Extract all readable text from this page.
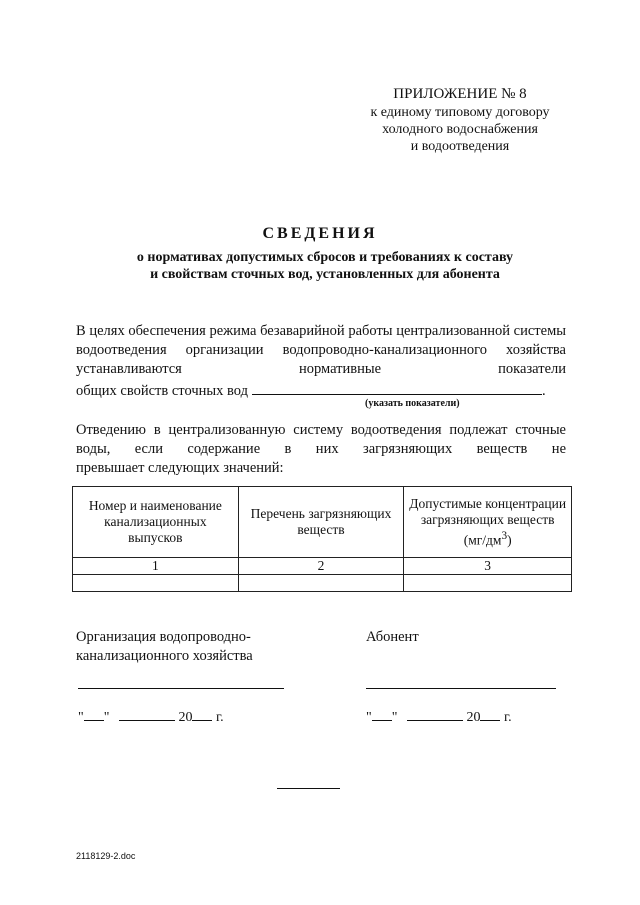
ПРИЛОЖЕНИЕ № 8
к единому типовому договору
холодного водоснабжения
и водоотведения
СВЕДЕНИЯ
о нормативах допустимых сбросов и требованиях к составу
и свойствам сточных вод, установленных для абонента
В целях обеспечения режима безаварийной работы централизованной системы водоотведения организации водопроводно-канализационного хозяйства устанавливаются нормативные показатели
общих свойств сточных вод	.
(указать показатели)
Отведению в централизованную систему водоотведения подлежат сточные воды, если содержание в них загрязняющих веществ не
превышает следующих значений:
Номер и наименование канализационных выпусков	Перечень загрязняющих веществ	Допустимые концентрации загрязняющих веществ $(мг/дм^3)$
1	2	3

Организация водопроводно-канализационного хозяйства
Абонент
" "	20 г.	" "	20 г.
2118129-2.doc
